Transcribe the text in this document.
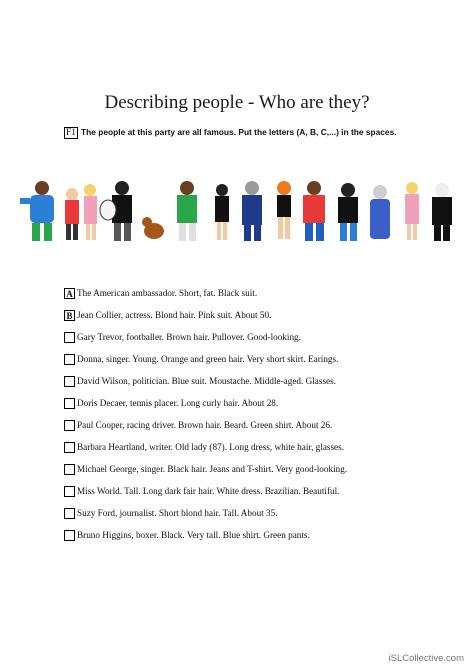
Describing people - Who are they?
F1 The people at this party are all famous. Put the letters (A, B, C,...) in the spaces.
A The American ambassador. Short, fat. Black suit.
B Jean Collier, actress. Blond hair. Pink suit. About 50.
Gary Trevor, footballer. Brown hair. Pullover. Good-looking.
Donna, singer. Young. Orange and green hair. Very short skirt. Earings.
David Wilson, politician. Blue suit. Moustache. Middle-aged. Glasses.
Doris Decaer, tennis placer. Long curly hair. About 28.
Paul Cooper, racing driver. Brown hair. Beard. Green shirt. About 26.
Barbara Heartland, writer. Old lady (87). Long dress, white hair, glasses.
Michael George, singer. Black hair. Jeans and T-shirt. Very good-looking.
Miss World. Tall. Long dark fair hair. White dress. Brazilian. Beautiful.
Suzy Ford, journalist. Short blond hair. Tall. About 35.
Bruno Higgins, boxer. Black. Very tall. Blue shirt. Green pants.
iSLCollective.com
